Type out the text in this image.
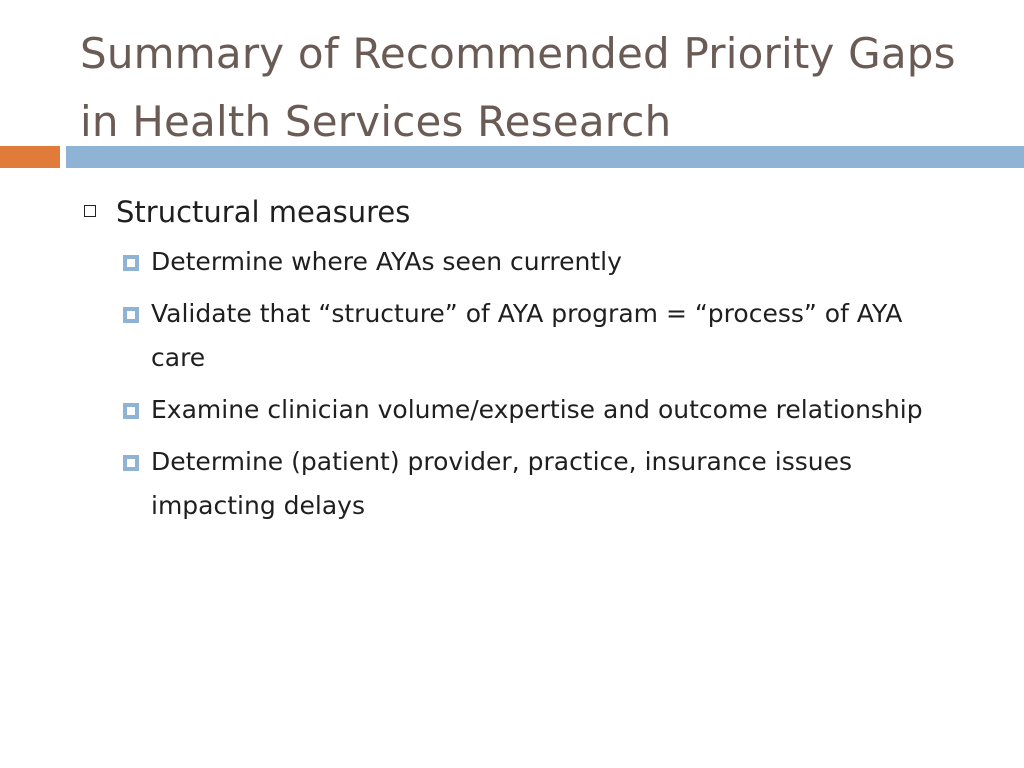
Summary of Recommended Priority Gaps in Health Services Research
Structural measures
Determine where AYAs seen currently
Validate that “structure” of AYA program = “process” of AYA care
Examine clinician volume/expertise and outcome relationship
Determine (patient) provider, practice, insurance issues impacting delays
